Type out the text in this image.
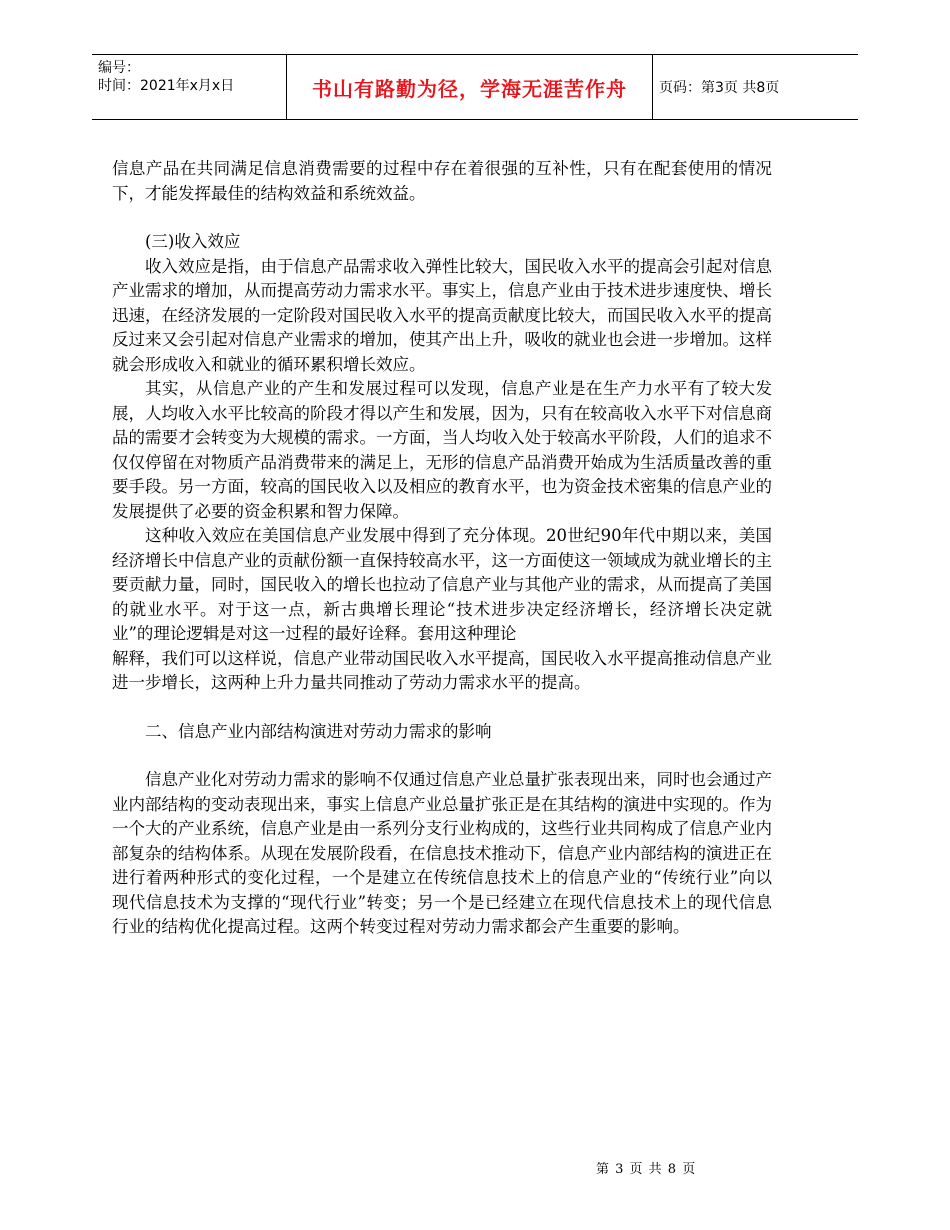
编号：
时间：2021年x月x日	书山有路勤为径，学海无涯苦作舟	页码：第3页 共8页

信息产品在共同满足信息消费需要的过程中存在着很强的互补性，只有在配套使用的情况下，才能发挥最佳的结构效益和系统效益。

(三)收入效应

收入效应是指，由于信息产品需求收入弹性比较大，国民收入水平的提高会引起对信息产业需求的增加，从而提高劳动力需求水平。事实上，信息产业由于技术进步速度快、增长迅速，在经济发展的一定阶段对国民收入水平的提高贡献度比较大，而国民收入水平的提高反过来又会引起对信息产业需求的增加，使其产出上升，吸收的就业也会进一步增加。这样就会形成收入和就业的循环累积增长效应。

其实，从信息产业的产生和发展过程可以发现，信息产业是在生产力水平有了较大发展，人均收入水平比较高的阶段才得以产生和发展，因为，只有在较高收入水平下对信息商品的需要才会转变为大规模的需求。一方面，当人均收入处于较高水平阶段，人们的追求不仅仅停留在对物质产品消费带来的满足上，无形的信息产品消费开始成为生活质量改善的重要手段。另一方面，较高的国民收入以及相应的教育水平，也为资金技术密集的信息产业的发展提供了必要的资金积累和智力保障。

这种收入效应在美国信息产业发展中得到了充分体现。20世纪90年代中期以来，美国经济增长中信息产业的贡献份额一直保持较高水平，这一方面使这一领域成为就业增长的主要贡献力量，同时，国民收入的增长也拉动了信息产业与其他产业的需求，从而提高了美国的就业水平。对于这一点，新古典增长理论“技术进步决定经济增长，经济增长决定就业”的理论逻辑是对这一过程的最好诠释。套用这种理论

解释，我们可以这样说，信息产业带动国民收入水平提高，国民收入水平提高推动信息产业进一步增长，这两种上升力量共同推动了劳动力需求水平的提高。

二、信息产业内部结构演进对劳动力需求的影响

信息产业化对劳动力需求的影响不仅通过信息产业总量扩张表现出来，同时也会通过产业内部结构的变动表现出来，事实上信息产业总量扩张正是在其结构的演进中实现的。作为一个大的产业系统，信息产业是由一系列分支行业构成的，这些行业共同构成了信息产业内部复杂的结构体系。从现在发展阶段看，在信息技术推动下，信息产业内部结构的演进正在进行着两种形式的变化过程，一个是建立在传统信息技术上的信息产业的“传统行业”向以现代信息技术为支撑的“现代行业”转变；另一个是已经建立在现代信息技术上的现代信息行业的结构优化提高过程。这两个转变过程对劳动力需求都会产生重要的影响。

第 3 页 共 8 页
